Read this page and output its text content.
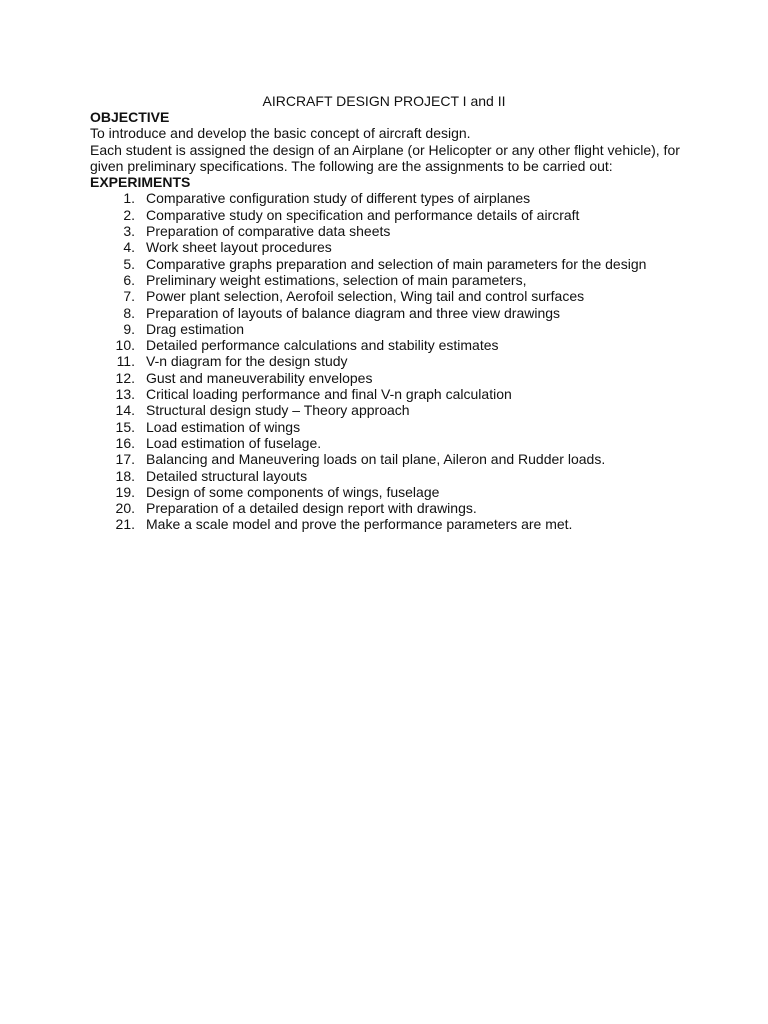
AIRCRAFT DESIGN PROJECT I and II

OBJECTIVE

To introduce and develop the basic concept of aircraft design.

Each student is assigned the design of an Airplane (or Helicopter or any other flight vehicle), for

given preliminary specifications. The following are the assignments to be carried out:

EXPERIMENTS

1. Comparative configuration study of different types of airplanes
2. Comparative study on specification and performance details of aircraft
3. Preparation of comparative data sheets
4. Work sheet layout procedures
5. Comparative graphs preparation and selection of main parameters for the design
6. Preliminary weight estimations, selection of main parameters,
7. Power plant selection, Aerofoil selection, Wing tail and control surfaces
8. Preparation of layouts of balance diagram and three view drawings
9. Drag estimation
10. Detailed performance calculations and stability estimates
11. V-n diagram for the design study
12. Gust and maneuverability envelopes
13. Critical loading performance and final V-n graph calculation
14. Structural design study – Theory approach
15. Load estimation of wings
16. Load estimation of fuselage.
17. Balancing and Maneuvering loads on tail plane, Aileron and Rudder loads.
18. Detailed structural layouts
19. Design of some components of wings, fuselage
20. Preparation of a detailed design report with drawings.
21. Make a scale model and prove the performance parameters are met.
